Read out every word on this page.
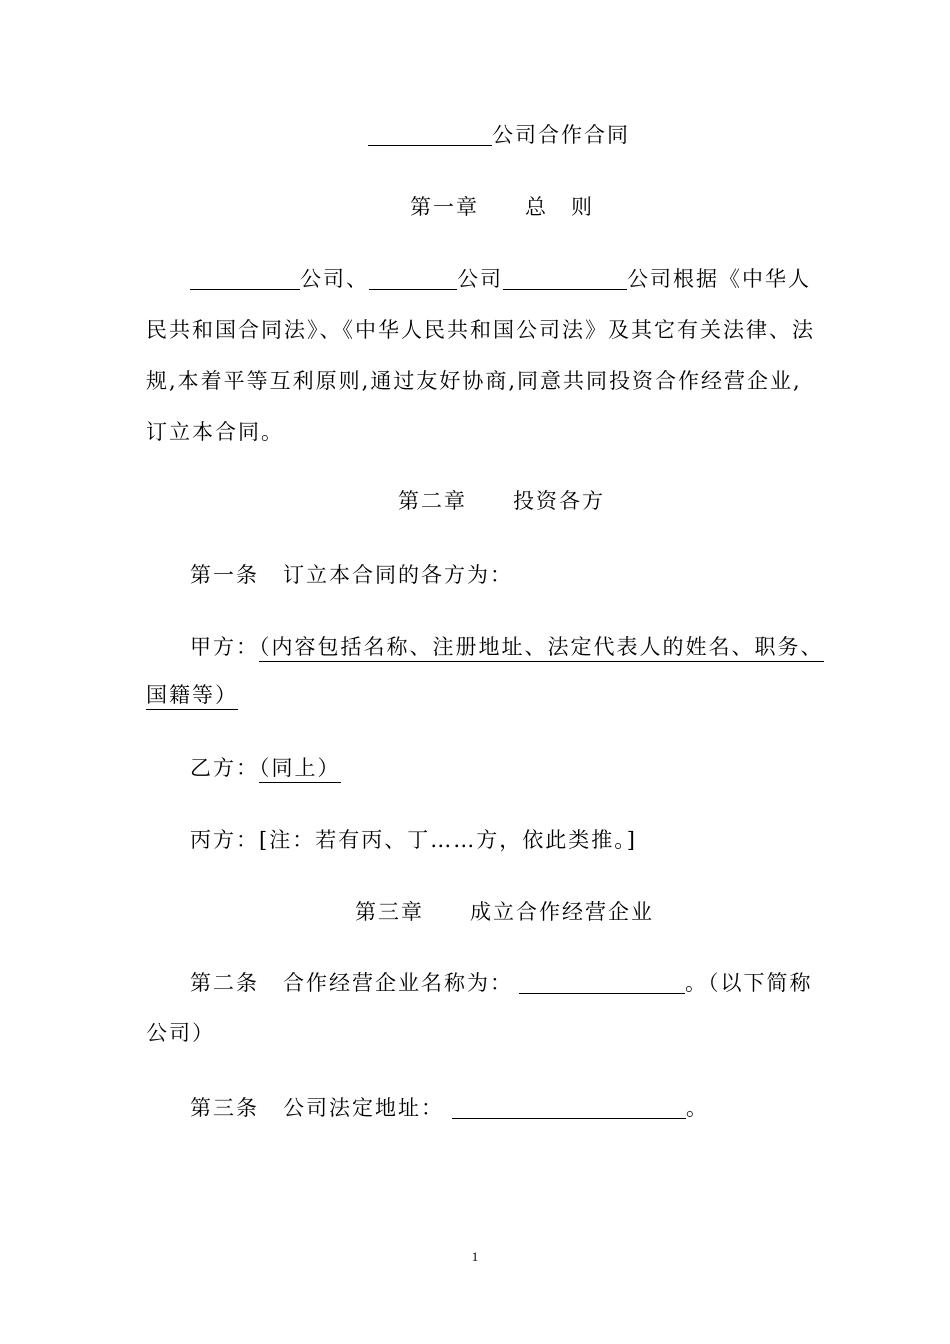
公司合作合同
第一章 总　则
公司、	公司	公司根据《中华人
民共和国合同法》、《中华人民共和国公司法》及其它有关法律、法
规,本着平等互利原则,通过友好协商,同意共同投资合作经营企业,
订立本合同。
第二章 投资各方
第一条 订立本合同的各方为：
甲方：（内容包括名称、注册地址、法定代表人的姓名、职务、
国籍等）
乙方：（同上）
丙方：[注：若有丙、丁……方，依此类推。]
第三章 成立合作经营企业
第二条 合作经营企业名称为：	。（以下简称
公司）
第三条 公司法定地址：	。
1
